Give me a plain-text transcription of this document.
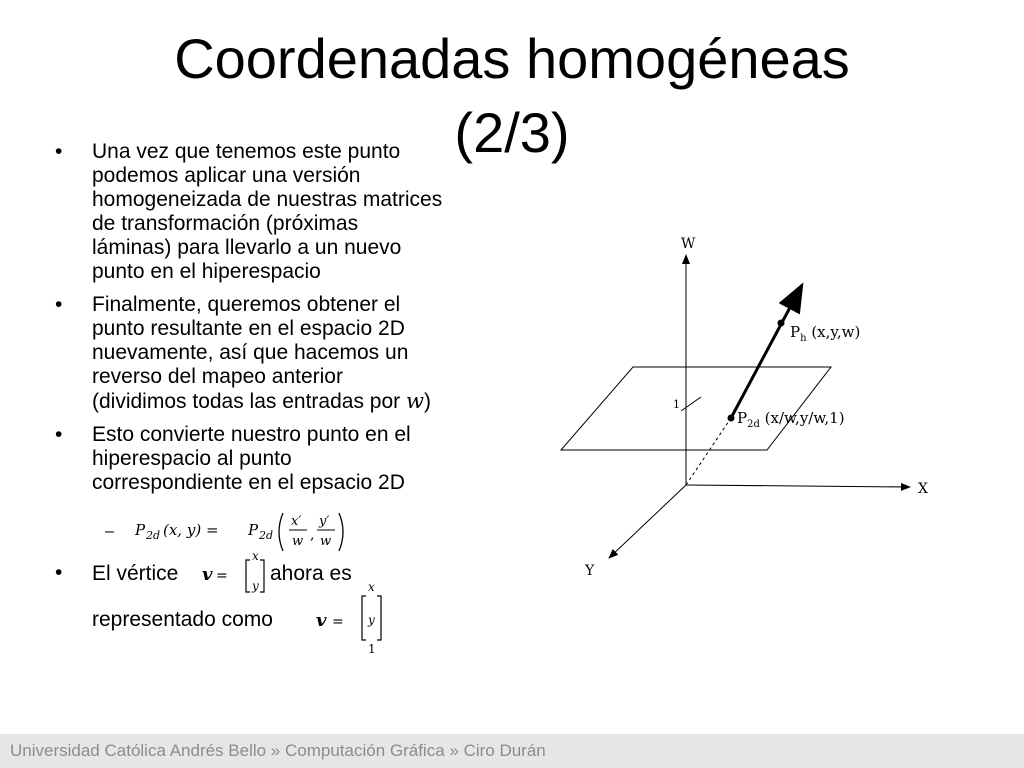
Coordenadas homogéneas
(2/3)
• Una vez que tenemos este punto
podemos aplicar una versión
homogeneizada de nuestras matrices
de transformación (próximas
láminas) para llevarlo a un nuevo
punto en el hiperespacio
• Finalmente, queremos obtener el
punto resultante en el espacio 2D
nuevamente, así que hacemos un
reverso del mapeo anterior
(dividimos todas las entradas por w)
• Esto convierte nuestro punto en el
hiperespacio al punto
correspondiente en el epsacio 2D
•
– P 2d (x, y) = P 2d
x′
w ,
y′
w
El vértice v =
x
y
ahora es
representado como v =
x
y
1
1
W
X
Y
$P_h$ (x,y,w)
$P_{2d}$ (x/w,y/w,1)
Universidad Católica Andrés Bello » Computación Gráfica » Ciro Durán
